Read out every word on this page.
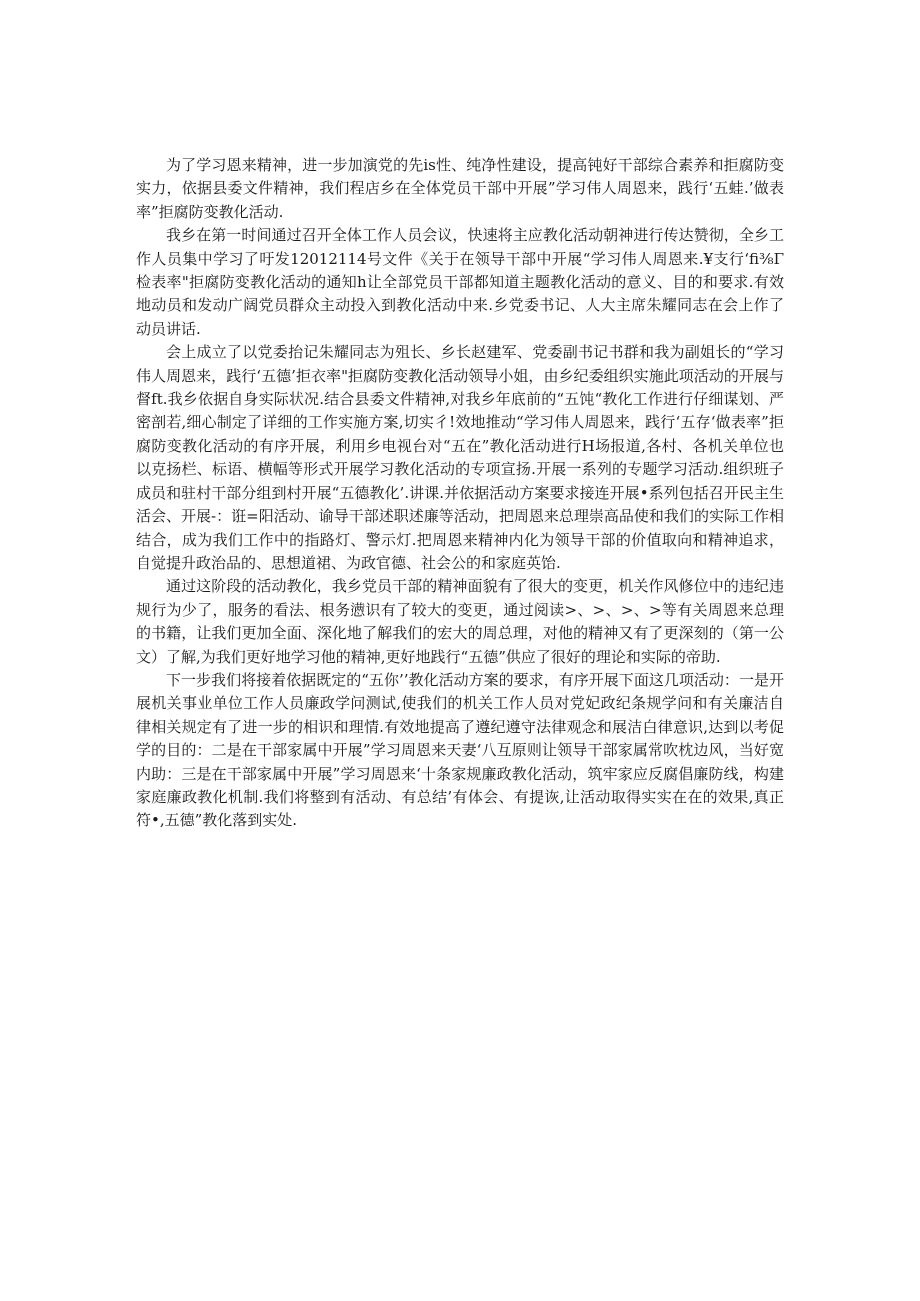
为了学习恩来精神，进一步加演党的先is性、纯净性建设，提高钝好干部综合素养和拒腐防变实力，依据县委文件精神，我们程店乡在全体党员干部中开展”学习伟人周恩来，践行‘五蛙.’做表率”拒腐防变教化活动.

我乡在第一时间通过召开全体工作人员会议，快速将主应教化活动朝神进行传达赞彻，全乡工作人员集中学习了吁发12012114号文件《关于在领导干部中开展“学习伟人周恩来.¥支行‘fi⅜Γ检表率"拒腐防变教化活动的通知h让全部党员干部都知道主题教化活动的意义、目的和要求.有效地动员和发动广阔党员群众主动投入到教化活动中来.乡党委书记、人大主席朱耀同志在会上作了动员讲话.

会上成立了以党委抬记朱耀同志为殂长、乡长赵建军、党委副书记书群和我为副姐长的“学习伟人周恩来，践行‘五德’拒衣率"拒腐防变教化活动领导小姐，由乡纪委组织实施此项活动的开展与督ft.我乡依据自身实际状况.结合县委文件精神,对我乡年底前的“五饨“教化工作进行仔细谋划、严密剖若,细心制定了详细的工作实施方案,切实彳!效地推动“学习伟人周恩来，践行‘五存‘做表率”拒腐防变教化活动的有序开展，利用乡电视台对“五在”教化活动进行H场报道,各村、各机关单位也以克扬栏、标语、横幅等形式开展学习教化活动的专项宣扬.开展一系列的专题学习活动.组织班子成员和驻村干部分组到村开展“五德教化’.讲课.并依据活动方案要求接连开展•系列包括召开民主生活会、开展-：诳=阳活动、谕导干部述职述廉等活动，把周恩来总理崇高品使和我们的实际工作相结合，成为我们工作中的指路灯、警示灯.把周恩来精神内化为领导干部的价值取向和精神追求，自觉提升政治品的、思想道裙、为政官德、社会公的和家庭英饴.

通过这阶段的活动教化，我乡党员干部的精神面貌有了很大的变更，机关作风修位中的违纪违规行为少了，服务的看法、根务懑识有了较大的变更，通过阅读>、>、>、>等有关周恩来总理的书籍，让我们更加全面、深化地了解我们的宏大的周总理，对他的精神又有了更深刻的（第一公文）了解,为我们更好地学习他的精神,更好地践行“五德”供应了很好的理论和实际的帝助.

下一步我们将接着依据既定的“五你’’教化活动方案的要求，有序开展下面这几项活动：一是开展机关事业单位工作人员廉政学问测试,使我们的机关工作人员对党妃政纪条规学问和有关廉洁自律相关规定有了进一步的相识和理情.有效地提高了遵纪遵守法律观念和展洁白律意识,达到以考促学的目的：二是在干部家属中开展”学习周恩来天妻‘八互原则让领导干部家属常吹枕边风，当好宽内助：三是在干部家属中开展”学习周恩来‘十条家规廉政教化活动，筑牢家应反腐倡廉防线，构建家庭廉政教化机制.我们将整到有活动、有总结’有体会、有提诙,让活动取得实实在在的效果,真正符•,五德”教化落到实处.
